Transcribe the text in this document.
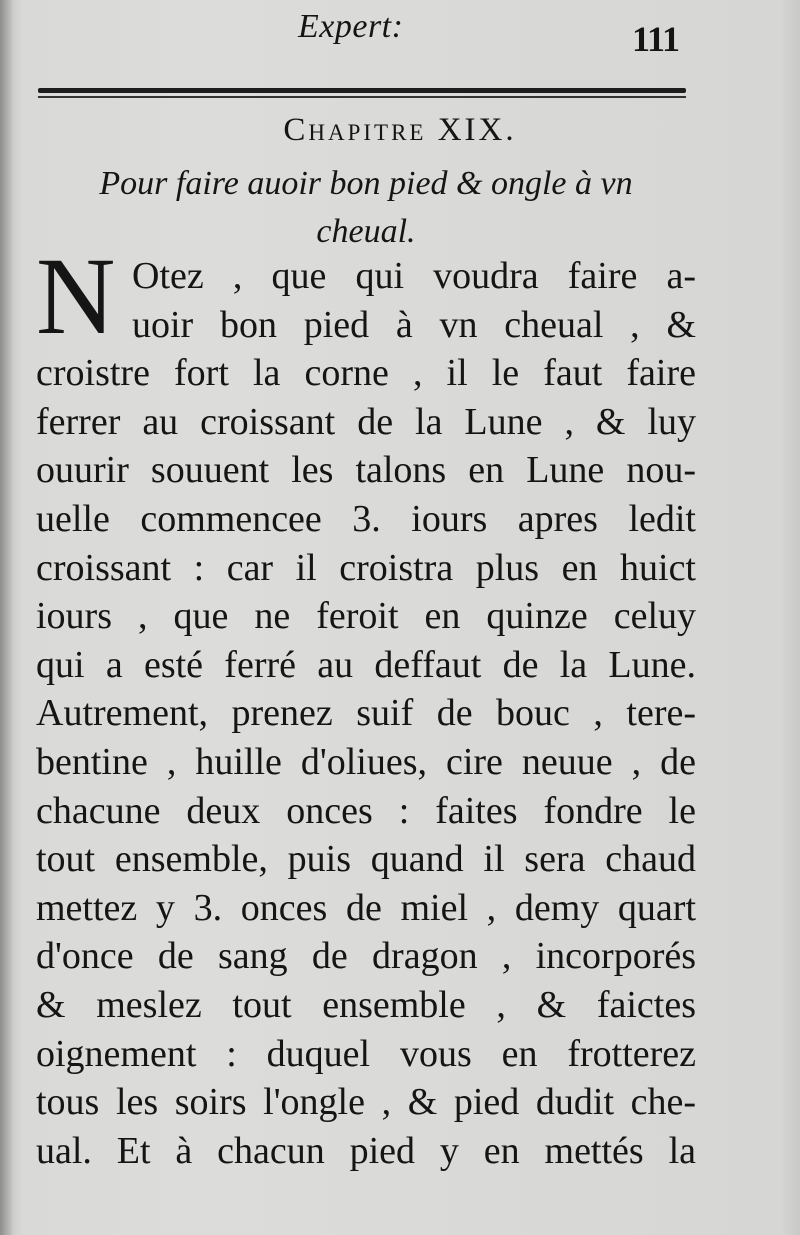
Expert:	111
Chapitre XIX.
Pour faire auoir bon pied & ongle à vn
cheual.
N Otez , que qui voudra faire a-
uoir bon pied à vn cheual , &
croistre fort la corne , il le faut faire
ferrer au croissant de la Lune , & luy
ouurir souuent les talons en Lune nou-
uelle commencee 3. iours apres ledit
croissant : car il croistra plus en huict
iours , que ne feroit en quinze celuy
qui a esté ferré au deffaut de la Lune.
Autrement, prenez suif de bouc , tere-
bentine , huille d'oliues, cire neuue , de
chacune deux onces : faites fondre le
tout ensemble, puis quand il sera chaud
mettez y 3. onces de miel , demy quart
d'once de sang de dragon , incorporés
& meslez tout ensemble , & faictes
oignement : duquel vous en frotterez
tous les soirs l'ongle , & pied dudit che-
ual. Et à chacun pied y en mettés la
